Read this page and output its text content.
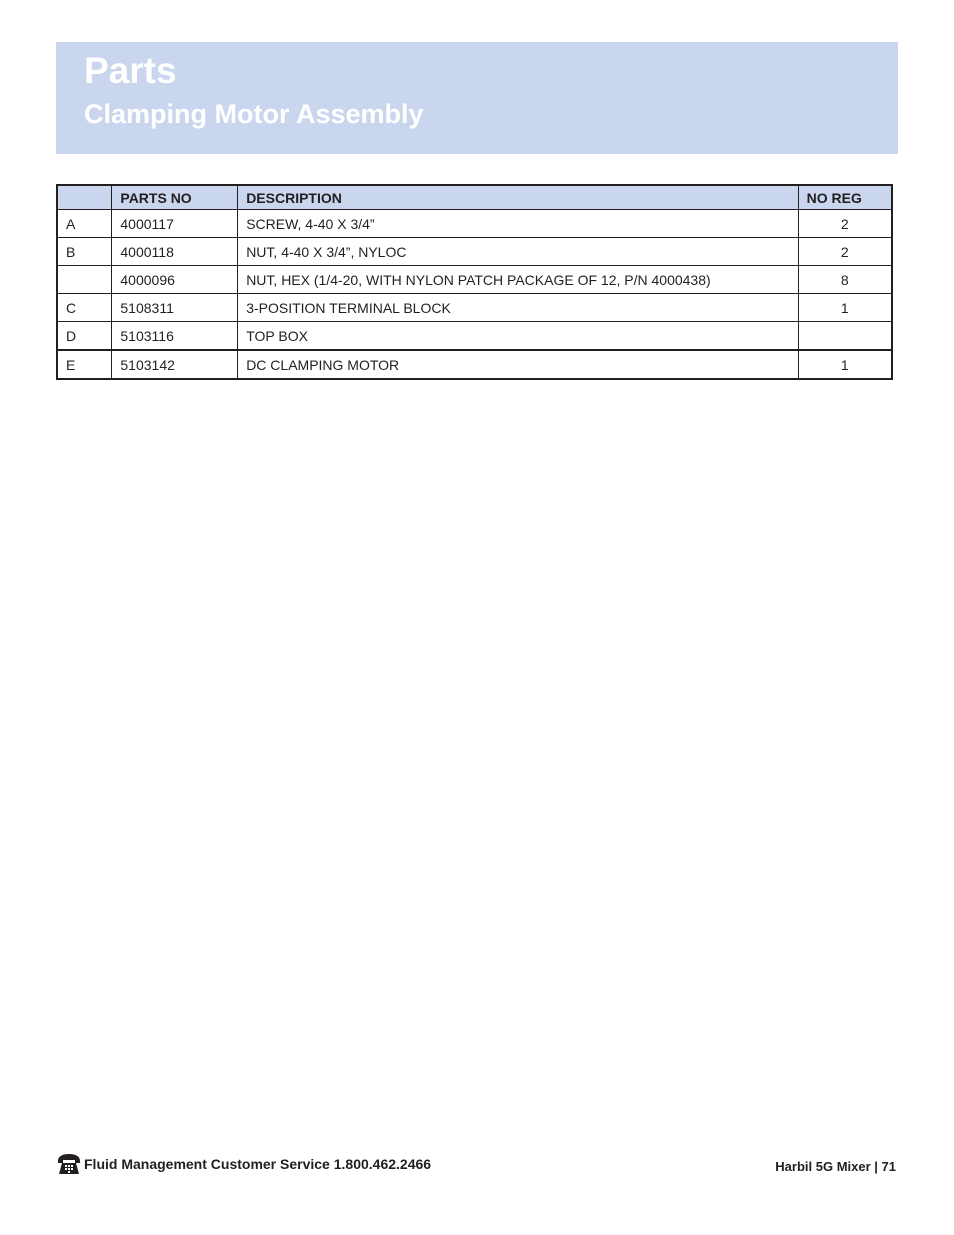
Parts
Clamping Motor Assembly
	PARTS NO	DESCRIPTION	NO REG
A	4000117	SCREW, 4-40 X 3/4”	2
B	4000118	NUT, 4-40 X 3/4”, NYLOC	2
	4000096	NUT, HEX (1/4-20, WITH NYLON PATCH PACKAGE OF 12, P/N 4000438)	8
C	5108311	3-POSITION TERMINAL BLOCK	1
D	5103116	TOP BOX	
E	5103142	DC CLAMPING MOTOR	1
Fluid Management Customer Service 1.800.462.2466	Harbil 5G Mixer | 71
